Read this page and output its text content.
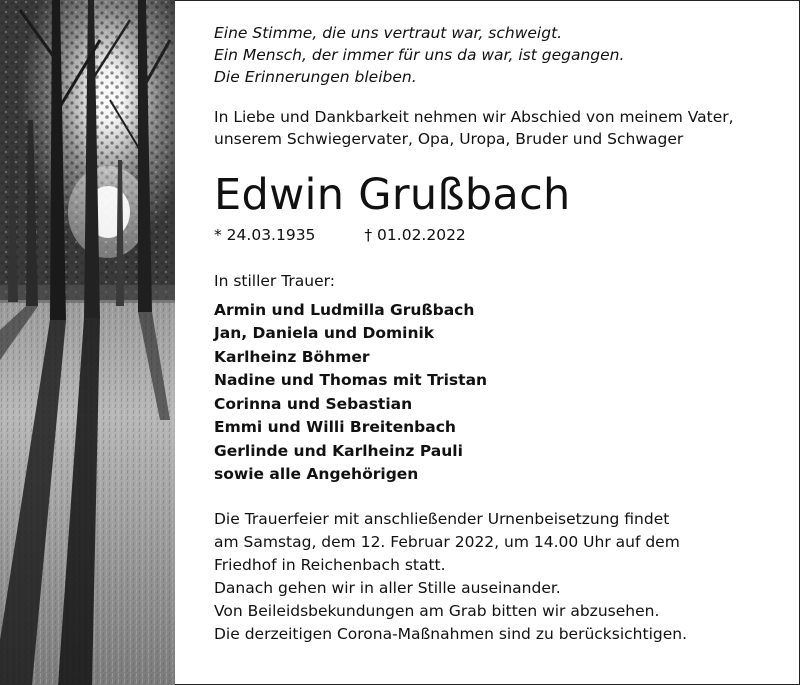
Eine Stimme, die uns vertraut war, schweigt.
Ein Mensch, der immer für uns da war, ist gegangen.
Die Erinnerungen bleiben.
In Liebe und Dankbarkeit nehmen wir Abschied von meinem Vater,
unserem Schwiegervater, Opa, Uropa, Bruder und Schwager
Edwin Grußbach
* 24.03.1935	† 01.02.2022
In stiller Trauer:
Armin und Ludmilla Grußbach
Jan, Daniela und Dominik
Karlheinz Böhmer
Nadine und Thomas mit Tristan
Corinna und Sebastian
Emmi und Willi Breitenbach
Gerlinde und Karlheinz Pauli
sowie alle Angehörigen
Die Trauerfeier mit anschließender Urnenbeisetzung findet
am Samstag, dem 12. Februar 2022, um 14.00 Uhr auf dem
Friedhof in Reichenbach statt.
Danach gehen wir in aller Stille auseinander.
Von Beileidsbekundungen am Grab bitten wir abzusehen.
Die derzeitigen Corona-Maßnahmen sind zu berücksichtigen.
